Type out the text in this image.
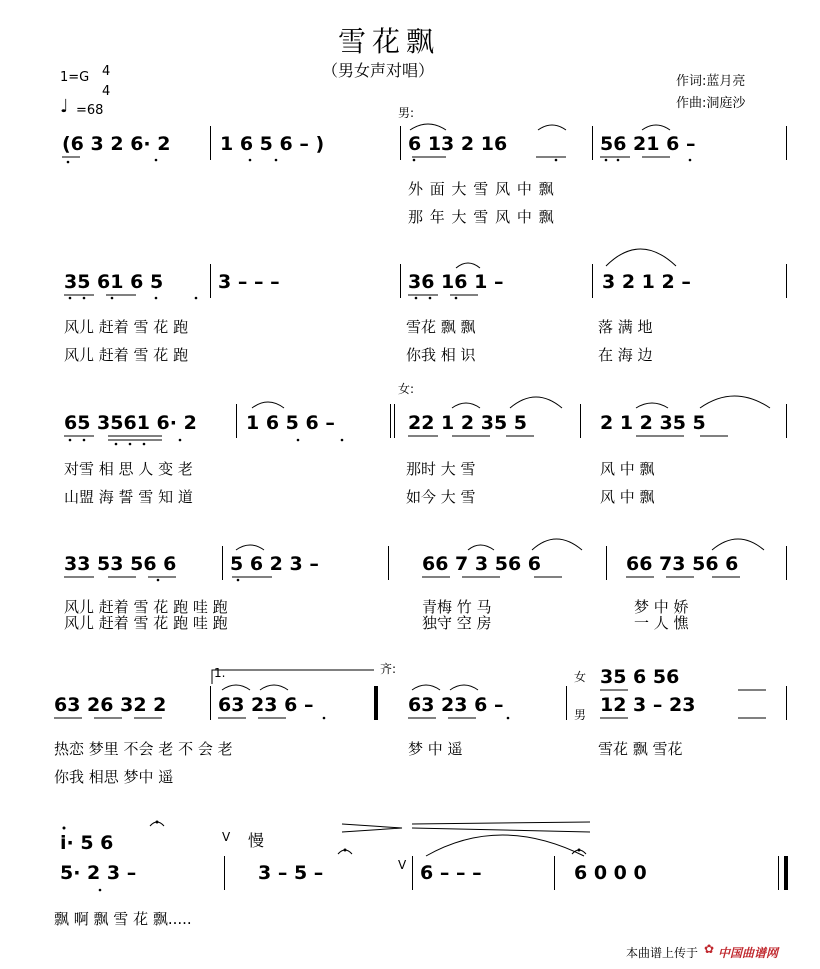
雪花飘
（男女声对唱）
1=G 4
4
♩ =68
作词:蓝月亮
作曲:洞庭沙
男:
(6 3 2 6· 2	1 6 5 6 – )	6 13 2 16	56 21 6 –
外 面 大 雪 风 中 飘
那 年 大 雪 风 中 飘
35 61 6 5	3 – – –	36 16 1 –	3 2 1 2 –
风儿 赶着 雪 花 跑
风儿 赶着 雪 花 跑
雪花 飘 飘
你我 相 识
落 满 地
在 海 边
女:
65 3561 6· 2	1 6 5 6 –	22 1 2 35 5	2 1 2 35 5
对雪 相 思 人 变 老
山盟 海 誓 雪 知 道
那时 大 雪
如今 大 雪
风 中 飘
风 中 飘
33 53 56 6	5 6 2 3 –	66 7 3 56 6	66 73 56 6
风儿 赶着 雪 花 跑 哇 跑
风儿 赶着 雪 花 跑 哇 跑
青梅 竹 马
独守 空 房
梦 中 娇
一 人 憔
1.	齐:
女
男
63 26 32 2	63 23 6 –	63 23 6 –
35 6 56
12 3 – 23
热恋 梦里 不会 老 不 会 老
你我 相思 梦中 遥
梦 中 遥	雪花 飘 雪花
i· 5 6	V 慢
5· 2 3 –	3 – 5 –	V 6 – – –	6 0 0 0
飘 啊 飘 雪 花 飘.....
本曲谱上传于 ✿ 中国曲谱网
